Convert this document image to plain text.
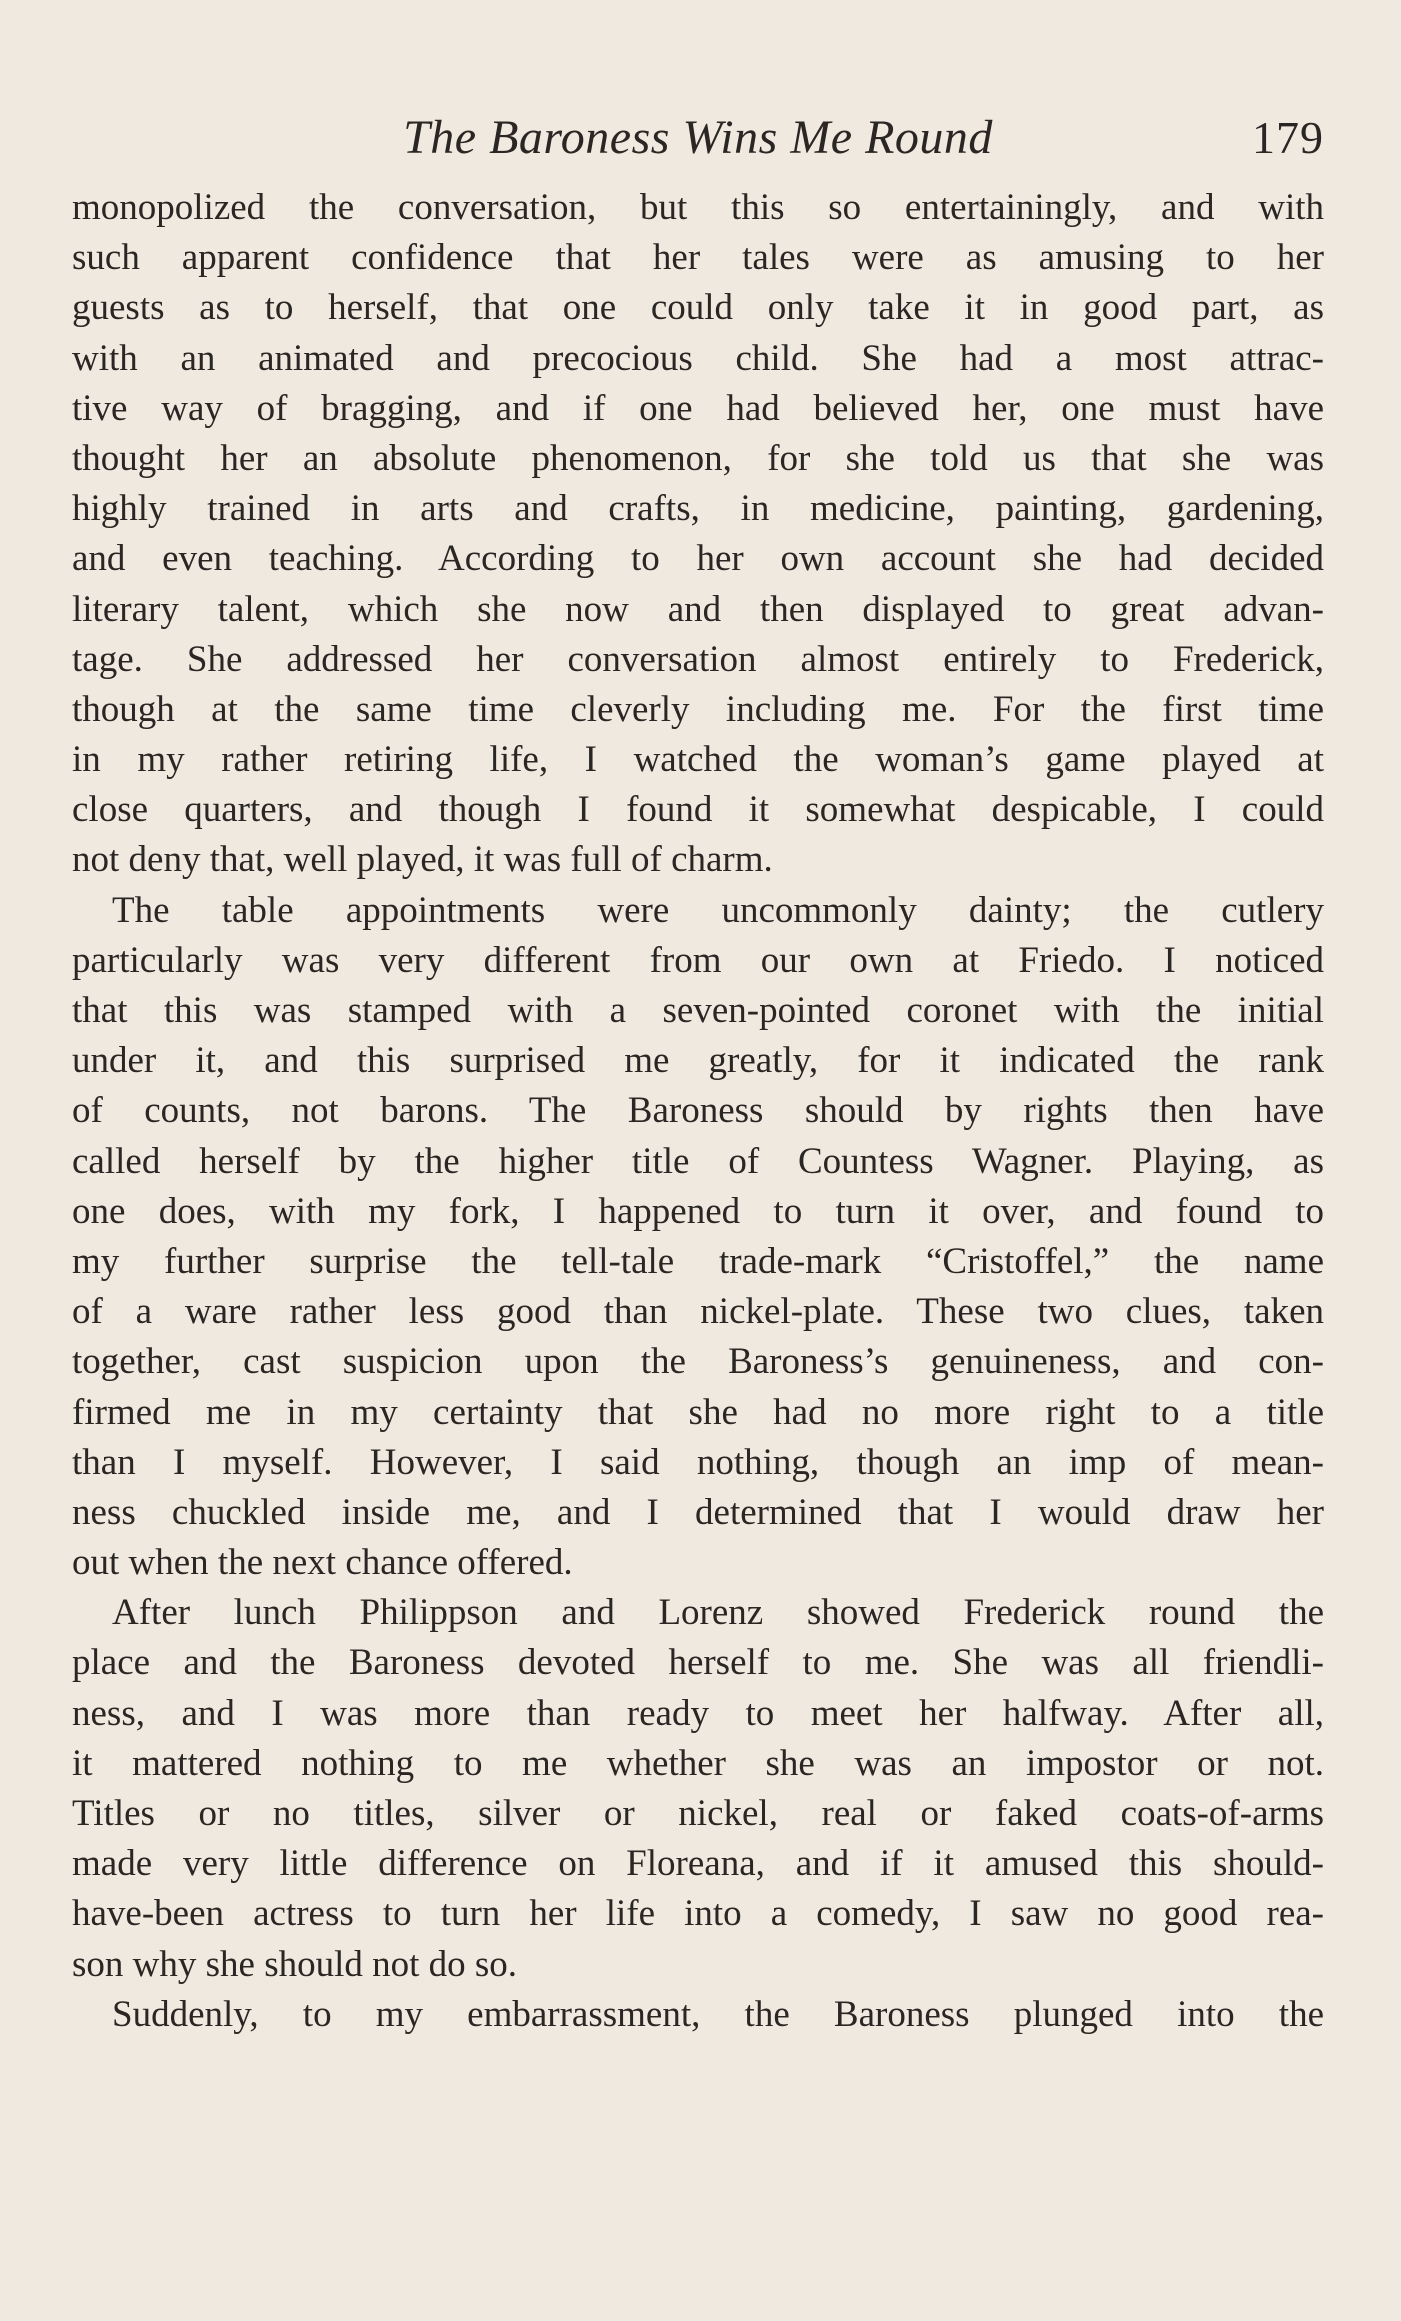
The Baroness Wins Me Round	179
monopolized the conversation, but this so entertainingly, and with
such apparent confidence that her tales were as amusing to her
guests as to herself, that one could only take it in good part, as
with an animated and precocious child. She had a most attrac-
tive way of bragging, and if one had believed her, one must have
thought her an absolute phenomenon, for she told us that she was
highly trained in arts and crafts, in medicine, painting, gardening,
and even teaching. According to her own account she had decided
literary talent, which she now and then displayed to great advan-
tage. She addressed her conversation almost entirely to Frederick,
though at the same time cleverly including me. For the first time
in my rather retiring life, I watched the woman’s game played at
close quarters, and though I found it somewhat despicable, I could
not deny that, well played, it was full of charm.
The table appointments were uncommonly dainty; the cutlery
particularly was very different from our own at Friedo. I noticed
that this was stamped with a seven-pointed coronet with the initial
under it, and this surprised me greatly, for it indicated the rank
of counts, not barons. The Baroness should by rights then have
called herself by the higher title of Countess Wagner. Playing, as
one does, with my fork, I happened to turn it over, and found to
my further surprise the tell-tale trade-mark “Cristoffel,” the name
of a ware rather less good than nickel-plate. These two clues, taken
together, cast suspicion upon the Baroness’s genuineness, and con-
firmed me in my certainty that she had no more right to a title
than I myself. However, I said nothing, though an imp of mean-
ness chuckled inside me, and I determined that I would draw her
out when the next chance offered.
After lunch Philippson and Lorenz showed Frederick round the
place and the Baroness devoted herself to me. She was all friendli-
ness, and I was more than ready to meet her halfway. After all,
it mattered nothing to me whether she was an impostor or not.
Titles or no titles, silver or nickel, real or faked coats-of-arms
made very little difference on Floreana, and if it amused this should-
have-been actress to turn her life into a comedy, I saw no good rea-
son why she should not do so.
Suddenly, to my embarrassment, the Baroness plunged into the
